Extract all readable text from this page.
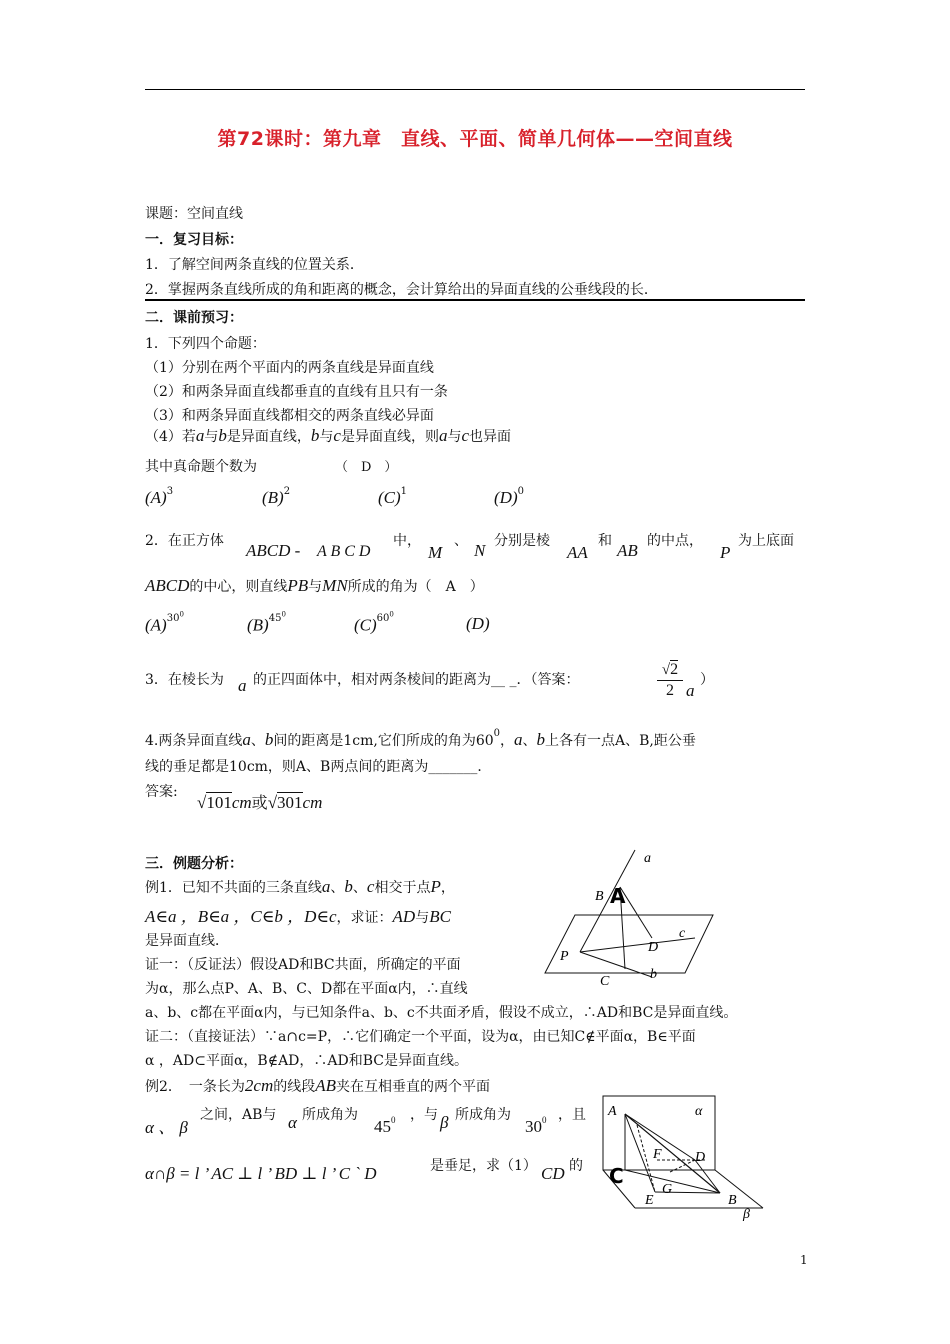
第72课时：第九章　直线、平面、简单几何体——空间直线
课题：空间直线
一．复习目标：
1．了解空间两条直线的位置关系．
2．掌握两条直线所成的角和距离的概念，会计算给出的异面直线的公垂线段的长．
二．课前预习：
1．下列四个命题：
（1）分别在两个平面内的两条直线是异面直线
（2）和两条异面直线都垂直的直线有且只有一条
（3）和两条异面直线都相交的两条直线必异面
（4）若a与b是异面直线，b与c是异面直线，则a与c也异面
其中真命题个数为	（　D　）
$(A)^3$	$(B)^2$	$(C)^1$	$(D)^0$
2．在正方体 ABCD - A B C D
中，
M
、 N 分别是棱
AA
和 AB 的中点，
P
为上底面
ABCD的中心，则直线PB与MN所成的角为（　A　）
$(A)^{30^0}$
$(B)^{45^0}$
$(C)^{60^0}$	(D)
3．在棱长为 a 的正四面体中，相对两条棱间的距离为__ _．（答案：
√2
2 a
）
4.两条异面直线a、b间的距离是1cm,它们所成的角为$60^0$，a、b上各有一点A、B,距公垂
线的垂足都是10cm，则A、B两点间的距离为_______．
答案:
√101cm或√301cm
三．例题分析：
例1．已知不共面的三条直线a、b、c相交于点P，
A∈a ，B∈a ，C∈b ，D∈c，求证：AD与BC
是异面直线．
证一：（反证法）假设AD和BC共面，所确定的平面
为α，那么点P、A、B、C、D都在平面α内，∴直线
a、b、c都在平面α内，与已知条件a、b、c不共面矛盾，假设不成立，∴AD和BC是异面直线。
证二：（直接证法）∵a∩c=P，∴它们确定一个平面，设为α，由已知C∉平面α，B∈平面
α ，AD⊂平面α，B∉AD，∴AD和BC是异面直线。
例2．　一条长为2cm的线段AB夹在互相垂直的两个平面
α 、 β
之间，AB与 α 所成角为
$45^0$ ，与 β 所成角为
$30^0$ ，且
α∩β = l ’ AC ⊥ l ’ BD ⊥ l ’ C ` D	是垂足，求（1） CD 的
a
B A
c
D
P
C	b
A	α
F D
C
G
E	B
β
1
